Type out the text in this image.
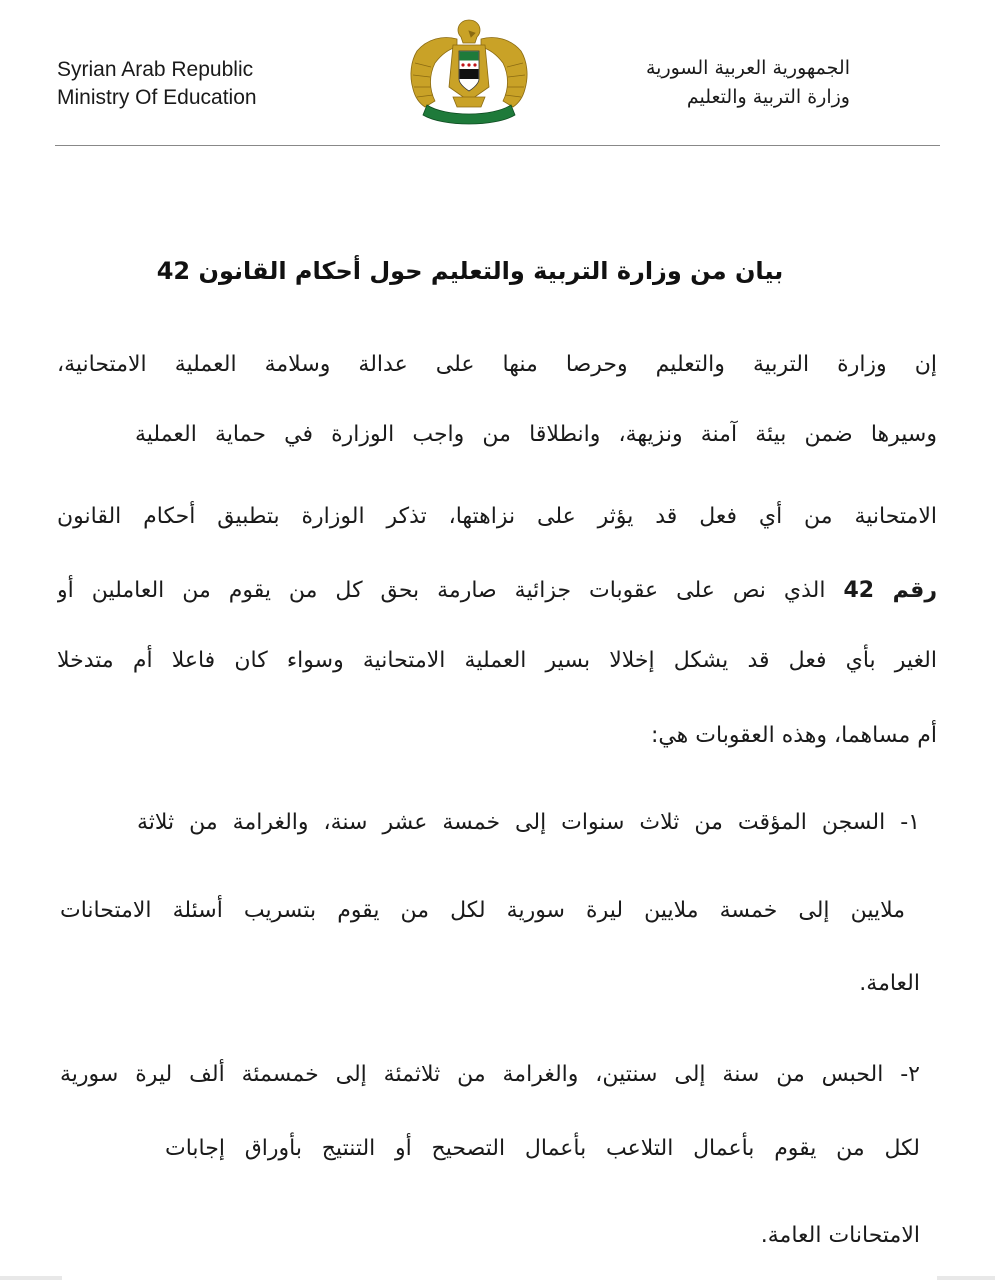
Syrian Arab Republic
Ministry Of Education
الجمهورية العربية السورية
وزارة التربية والتعليم
بيان من وزارة التربية والتعليم حول أحكام القانون 42
إن وزارة التربية والتعليم وحرصا منها على عدالة وسلامة العملية الامتحانية،
وسيرها ضمن بيئة آمنة ونزيهة، وانطلاقا من واجب الوزارة في حماية العملية
الامتحانية من أي فعل قد يؤثر على نزاهتها، تذكر الوزارة بتطبيق أحكام القانون
رقم 42 الذي نص على عقوبات جزائية صارمة بحق كل من يقوم من العاملين أو
الغير بأي فعل قد يشكل إخلالا بسير العملية الامتحانية وسواء كان فاعلا أم متدخلا
أم مساهما، وهذه العقوبات هي:
١- السجن المؤقت من ثلاث سنوات إلى خمسة عشر سنة، والغرامة من ثلاثة
ملايين إلى خمسة ملايين ليرة سورية لكل من يقوم بتسريب أسئلة الامتحانات
العامة.
٢- الحبس من سنة إلى سنتين، والغرامة من ثلاثمئة إلى خمسمئة ألف ليرة سورية
لكل من يقوم بأعمال التلاعب بأعمال التصحيح أو التنتيج بأوراق إجابات
الامتحانات العامة.
